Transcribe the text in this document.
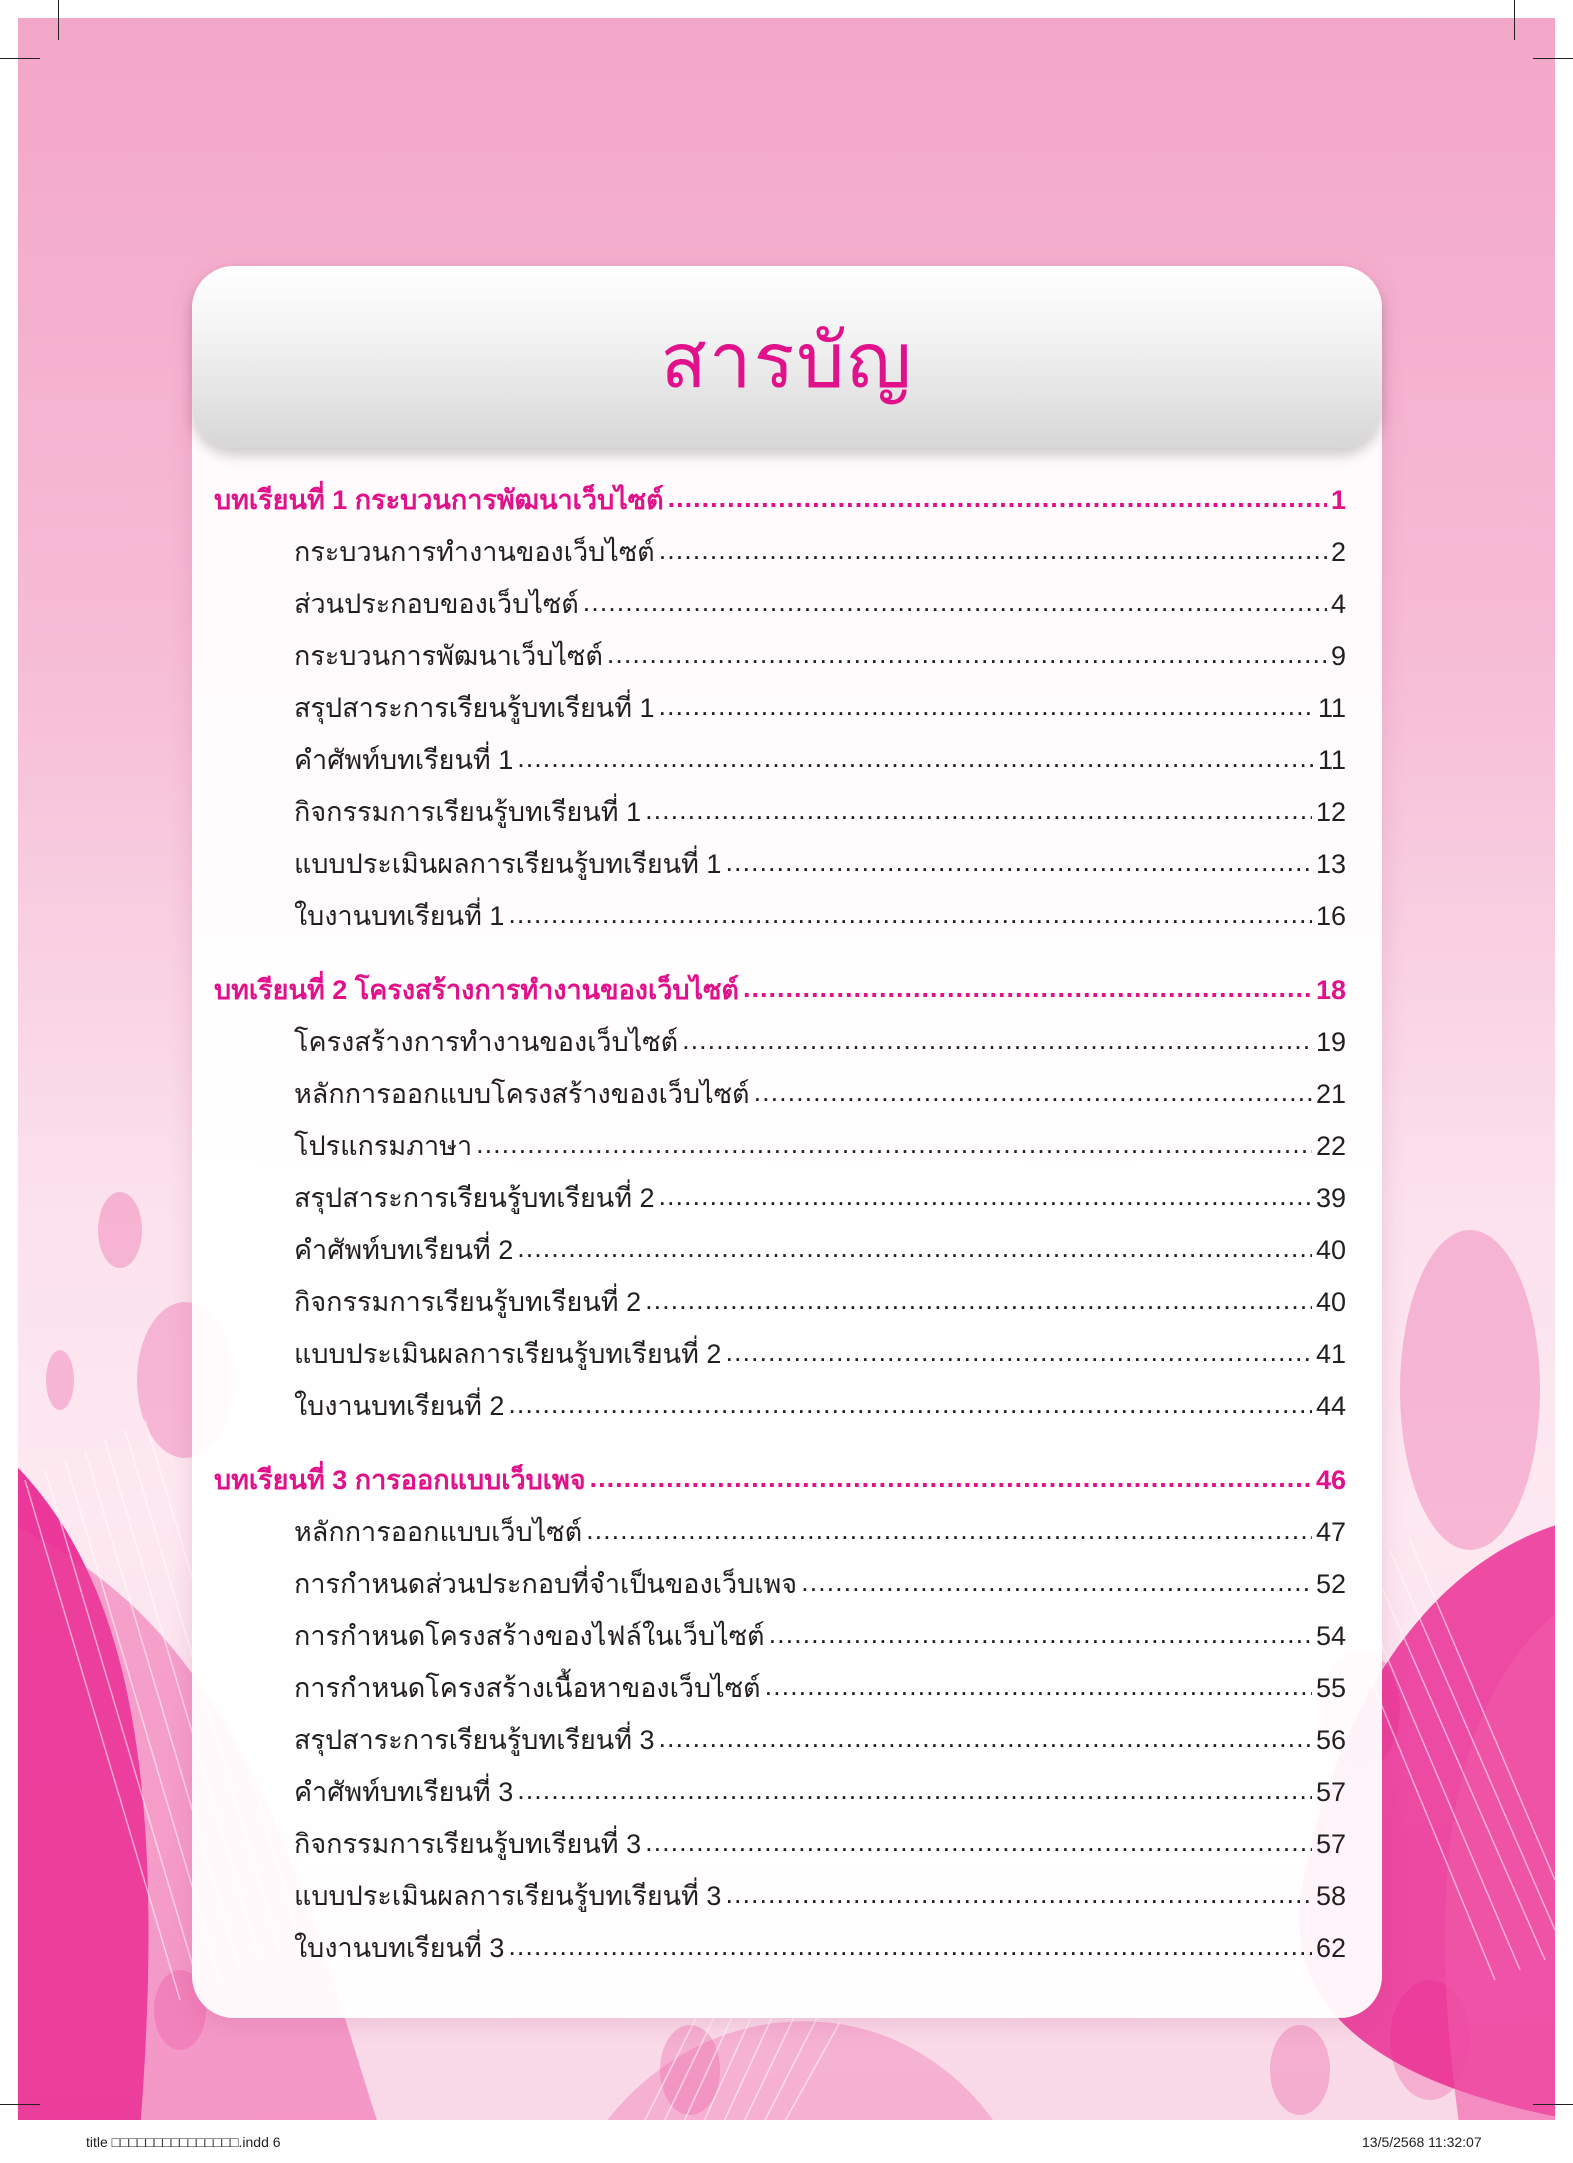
สารบัญ
บทเรียนที่ 1 กระบวนการพัฒนาเว็บไซต์ .....	1
กระบวนการทำงานของเว็บไซต์ .....	2
ส่วนประกอบของเว็บไซต์ .....	4
กระบวนการพัฒนาเว็บไซต์ .....	9
สรุปสาระการเรียนรู้บทเรียนที่ 1 .....	11
คำศัพท์บทเรียนที่ 1 .....	11
กิจกรรมการเรียนรู้บทเรียนที่ 1 .....	12
แบบประเมินผลการเรียนรู้บทเรียนที่ 1 .....	13
ใบงานบทเรียนที่ 1 .....	16
บทเรียนที่ 2 โครงสร้างการทำงานของเว็บไซต์ .....	18
โครงสร้างการทำงานของเว็บไซต์ .....	19
หลักการออกแบบโครงสร้างของเว็บไซต์ .....	21
โปรแกรมภาษา .....	22
สรุปสาระการเรียนรู้บทเรียนที่ 2 .....	39
คำศัพท์บทเรียนที่ 2 .....	40
กิจกรรมการเรียนรู้บทเรียนที่ 2 .....	40
แบบประเมินผลการเรียนรู้บทเรียนที่ 2 .....	41
ใบงานบทเรียนที่ 2 .....	44
บทเรียนที่ 3 การออกแบบเว็บเพจ .....	46
หลักการออกแบบเว็บไซต์ .....	47
การกำหนดส่วนประกอบที่จำเป็นของเว็บเพจ .....	52
การกำหนดโครงสร้างของไฟล์ในเว็บไซต์ .....	54
การกำหนดโครงสร้างเนื้อหาของเว็บไซต์ .....	55
สรุปสาระการเรียนรู้บทเรียนที่ 3 .....	56
คำศัพท์บทเรียนที่ 3 .....	57
กิจกรรมการเรียนรู้บทเรียนที่ 3 .....	57
แบบประเมินผลการเรียนรู้บทเรียนที่ 3 .....	58
ใบงานบทเรียนที่ 3 .....	62
title □□□□□□□□□□□□□□□.indd 6	13/5/2568 11:32:07
